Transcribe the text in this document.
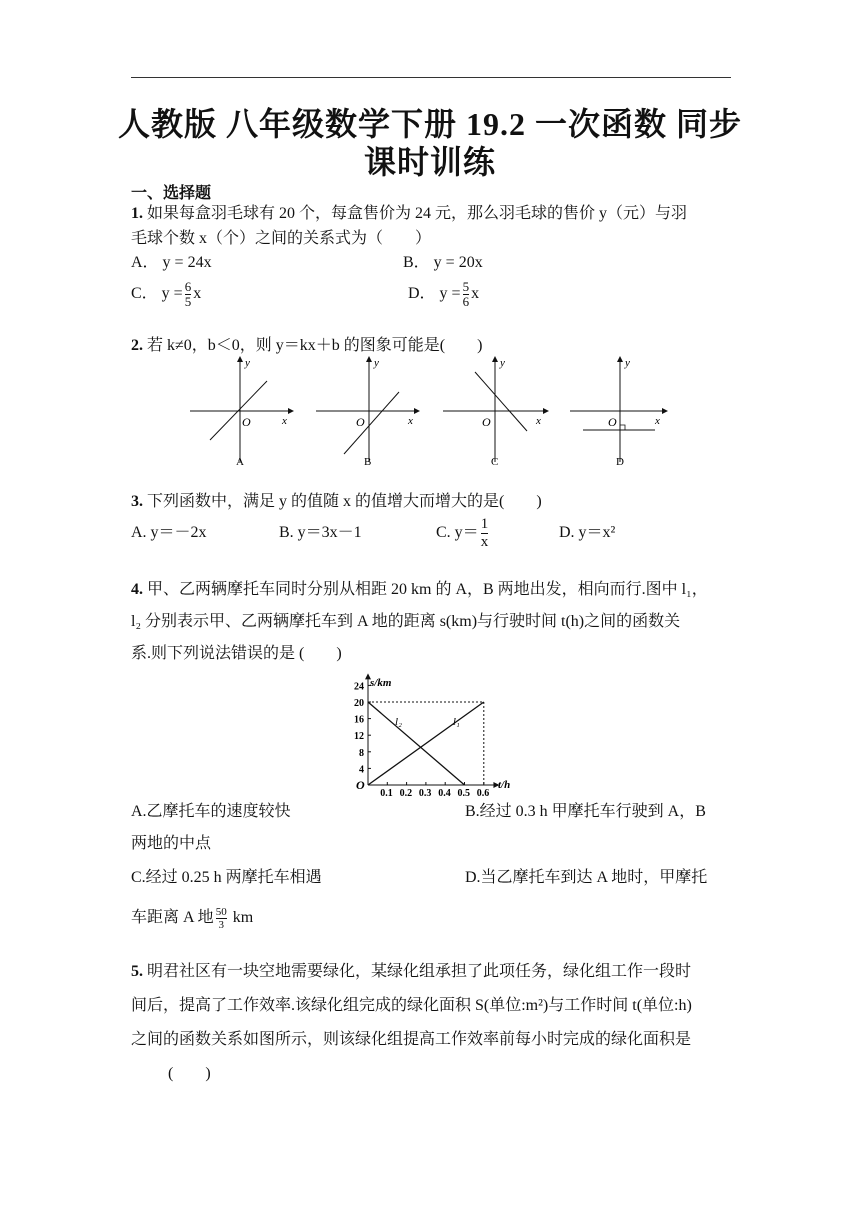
人教版 八年级数学下册 19.2 一次函数 同步
课时训练
一、选择题
1. 如果每盒羽毛球有 20 个，每盒售价为 24 元，那么羽毛球的售价 y（元）与羽
毛球个数 x（个）之间的关系式为（　　）
A． y = 24x	B． y = 20x
C． $y = \frac{6}{5}$ x	D． $y = \frac{5}{6}$ x
2. 若 k≠0，b＜0，则 y＝kx＋b 的图象可能是(　　)
y
x
O
A
y
x
O
B
y
x
O
C
y
x
O
D
3. 下列函数中，满足 y 的值随 x 的值增大而增大的是(　　)
A. y＝－2x	B. y＝3x－1	C. $y= \frac{1}{x}$	D. y＝x²
4. 甲、乙两辆摩托车同时分别从相距 20 km 的 A，B 两地出发，相向而行.图中 l₁，
l₂ 分别表示甲、乙两辆摩托车到 A 地的距离 s(km)与行驶时间 t(h)之间的函数关
系.则下列说法错误的是 (　　)
0.1 0.2 0.3 0.4 0.5 0.6
4
8
12
16
20
24
l₁
l₂
s/km
t/h
O
A.乙摩托车的速度较快	B.经过 0.3 h 甲摩托车行驶到 A，B
两地的中点
C.经过 0.25 h 两摩托车相遇	D.当乙摩托车到达 A 地时，甲摩托
车距离 A 地 $\frac{50}{3}$ km
5. 明君社区有一块空地需要绿化，某绿化组承担了此项任务，绿化组工作一段时
间后，提高了工作效率.该绿化组完成的绿化面积 S(单位:m²)与工作时间 t(单位:h)
之间的函数关系如图所示，则该绿化组提高工作效率前每小时完成的绿化面积是
(　　)
